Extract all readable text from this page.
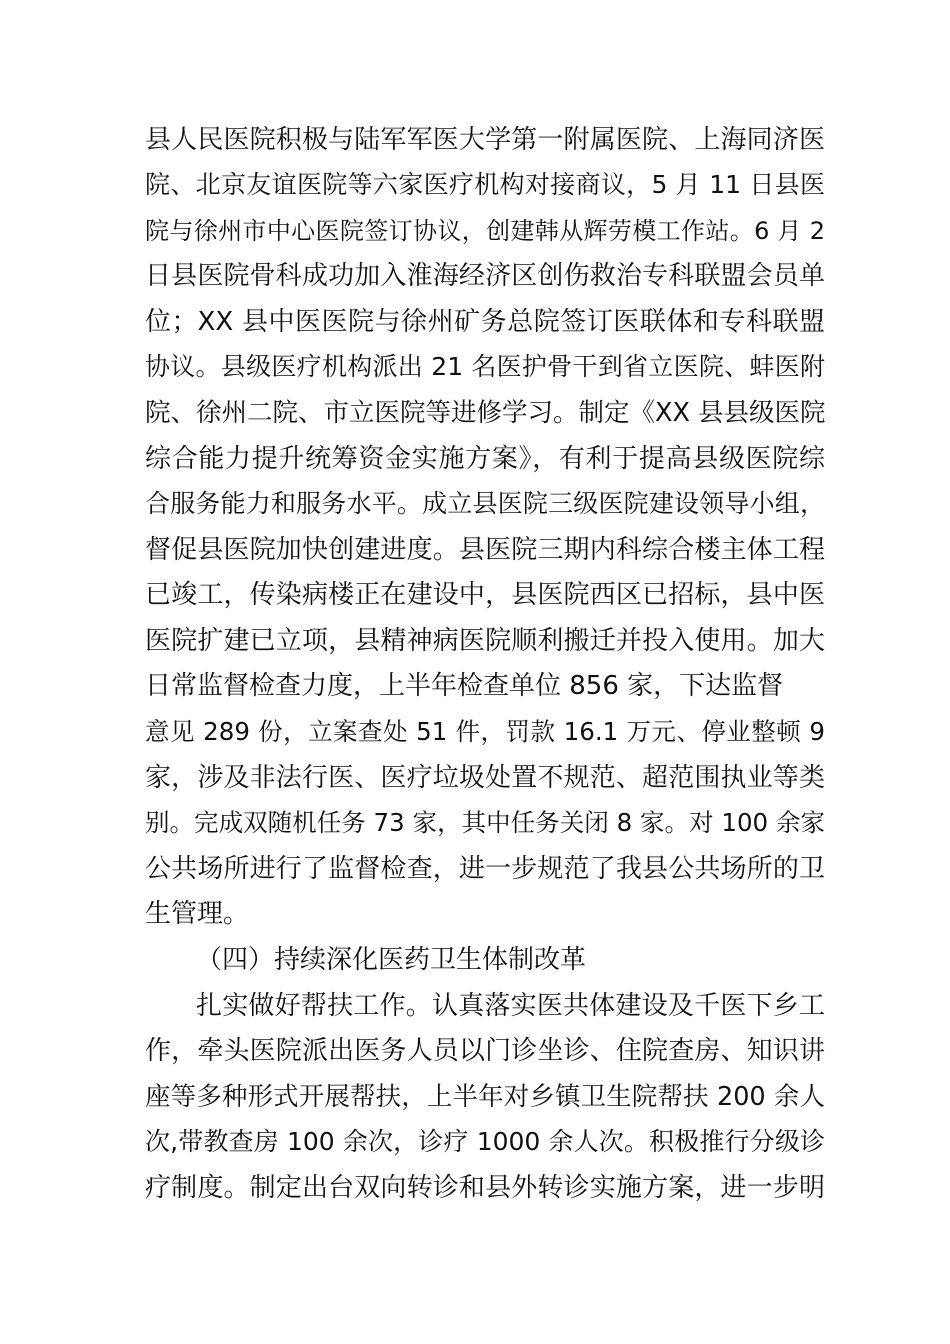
县人民医院积极与陆军军医大学第一附属医院、上海同济医
院、北京友谊医院等六家医疗机构对接商议，5 月 11 日县医
院与徐州市中心医院签订协议，创建韩从辉劳模工作站。6 月 2
日县医院骨科成功加入淮海经济区创伤救治专科联盟会员单
位；XX 县中医医院与徐州矿务总院签订医联体和专科联盟
协议。县级医疗机构派出 21 名医护骨干到省立医院、蚌医附
院、徐州二院、市立医院等进修学习。制定《XX 县县级医院
综合能力提升统筹资金实施方案》，有利于提高县级医院综
合服务能力和服务水平。成立县医院三级医院建设领导小组，
督促县医院加快创建进度。县医院三期内科综合楼主体工程
已竣工，传染病楼正在建设中，县医院西区已招标，县中医
医院扩建已立项，县精神病医院顺利搬迁并投入使用。加大
日常监督检查力度，上半年检查单位 856 家，下达监督
意见 289 份，立案查处 51 件，罚款 16.1 万元、停业整顿 9
家，涉及非法行医、医疗垃圾处置不规范、超范围执业等类
别。完成双随机任务 73 家，其中任务关闭 8 家。对 100 余家
公共场所进行了监督检查，进一步规范了我县公共场所的卫
生管理。
（四）持续深化医药卫生体制改革
扎实做好帮扶工作。认真落实医共体建设及千医下乡工
作，牵头医院派出医务人员以门诊坐诊、住院查房、知识讲
座等多种形式开展帮扶，上半年对乡镇卫生院帮扶 200 余人
次,带教查房 100 余次，诊疗 1000 余人次。积极推行分级诊
疗制度。制定出台双向转诊和县外转诊实施方案，进一步明
